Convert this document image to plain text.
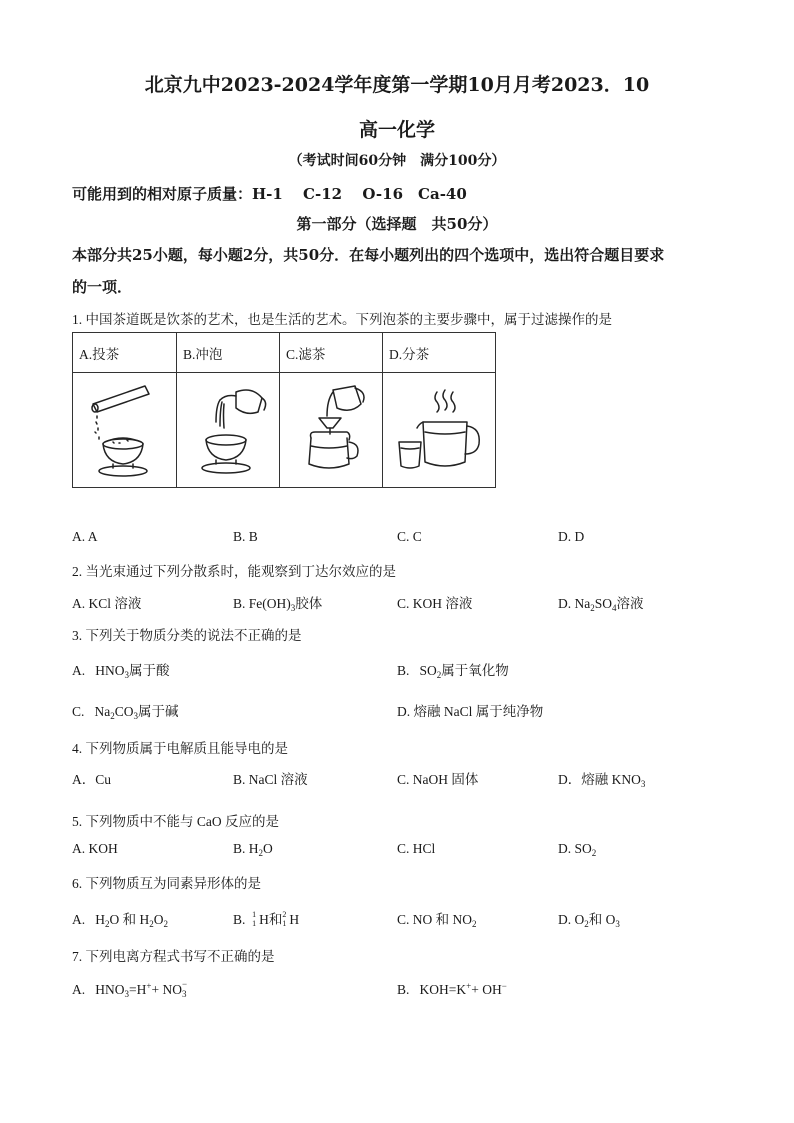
北京九中2023-2024学年度第一学期10月月考2023．10
高一化学
（考试时间60分钟　满分100分）
可能用到的相对原子质量：H-1　 C-12　 O-16　Ca-40
第一部分（选择题　共50分）
本部分共25小题，每小题2分，共50分．在每小题列出的四个选项中，选出符合题目要求
的一项．
1. 中国茶道既是饮茶的艺术，也是生活的艺术。下列泡茶的主要步骤中，属于过滤操作的是
A.投茶	B.冲泡	C.滤茶	D.分茶

A. A	B. B	C. C	D. D
2. 当光束通过下列分散系时，能观察到丁达尔效应的是
A. KCl 溶液	B. $Fe(OH)_3$胶体	C. KOH 溶液	D. $Na_2SO_4$溶液
3. 下列关于物质分类的说法不正确的是
A. $HNO_3$属于酸	B. $SO_2$属于氧化物
C. $Na_2CO_3$属于碱	D. 熔融 NaCl 属于纯净物
4. 下列物质属于电解质且能导电的是
A．Cu	B. NaCl 溶液	C. NaOH 固体	D．熔融 $KNO_3$
5. 下列物质中不能与 CaO 反应的是
A. KOH	B. $H_2O$	C. HCl	D. $SO_2$
6. 下列物质互为同素异形体的是
A. $H_2O$ 和 $H_2O_2$	B. 1
1 H和 2
1 H	C. NO 和 $NO_2$	D. $O_2$和 $O_3$
7. 下列电离方程式书写不正确的是
A. $HNO_3=H^++$ NO −
3	B. KOH=K++ OH−
